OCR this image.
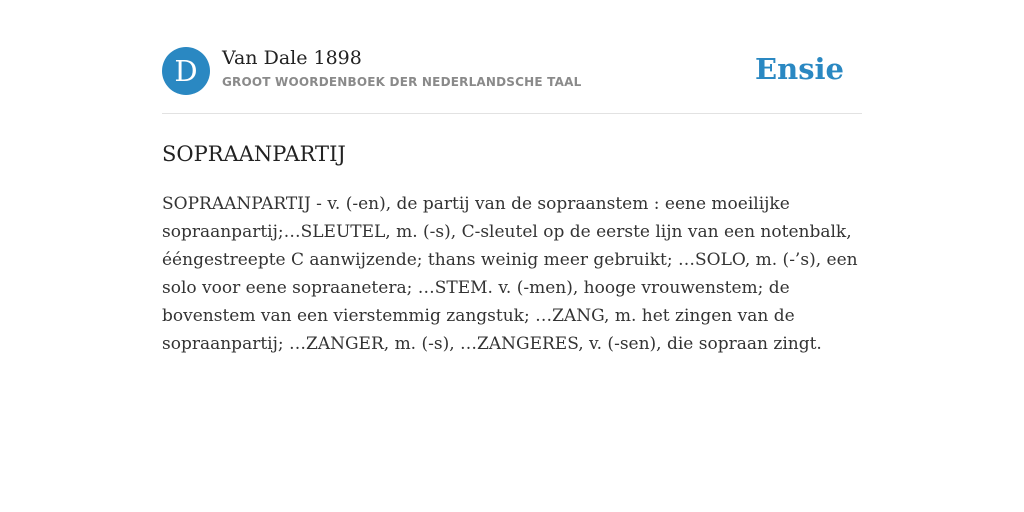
D	Van Dale 1898
GROOT WOORDENBOEK DER NEDERLANDSCHE TAAL	Ensie
SOPRAANPARTIJ
SOPRAANPARTIJ - v. (-en), de partij van de sopraanstem : eene moeilijke sopraanpartij;…SLEUTEL, m. (-s), C-sleutel op de eerste lijn van een notenbalk, ééngestreepte C aanwijzende; thans weinig meer gebruikt; …SOLO, m. (-’s), een solo voor eene sopraanetera; …STEM. v. (-men), hooge vrouwenstem; de bovenstem van een vierstemmig zangstuk; …ZANG, m. het zingen van de sopraanpartij; …ZANGER, m. (-s), …ZANGERES, v. (-sen), die sopraan zingt.
